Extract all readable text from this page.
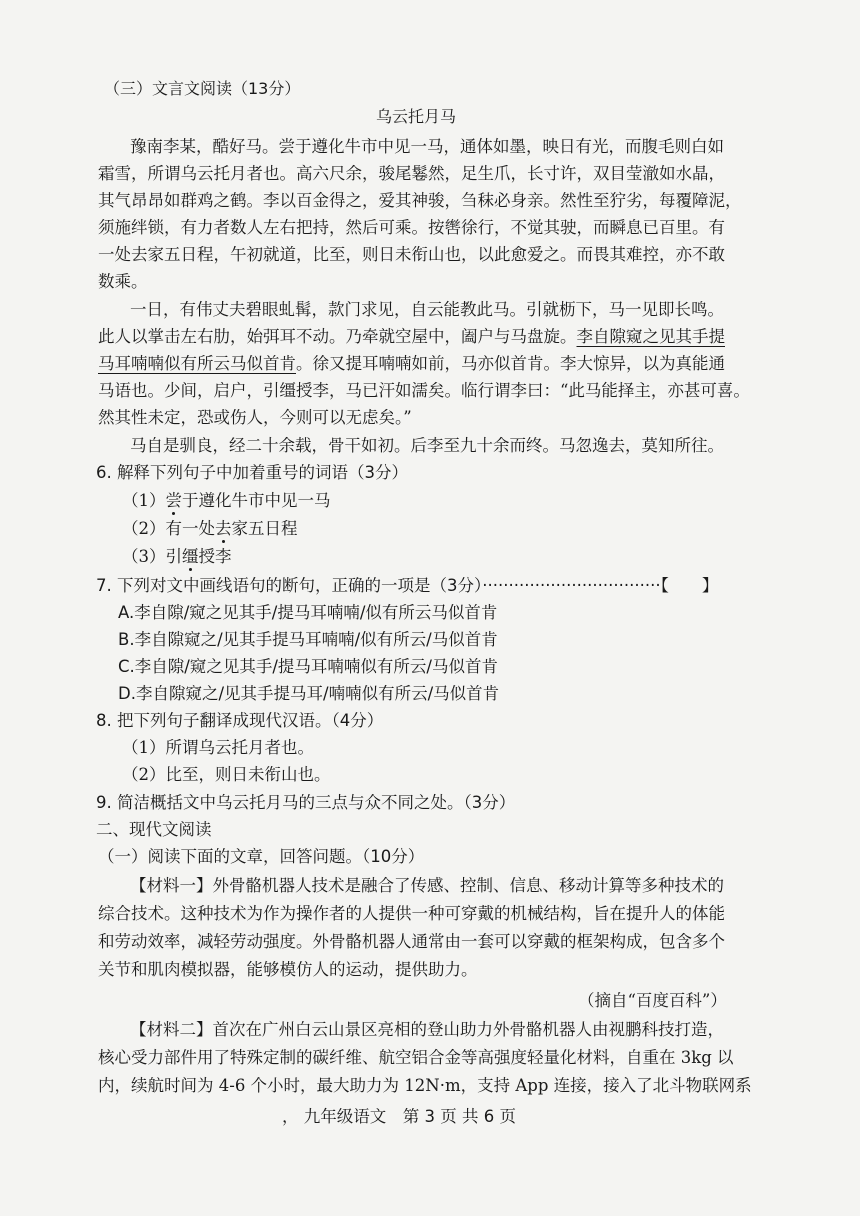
（三）文言文阅读（13分）
乌云托月马
豫南李某，酷好马。尝于遵化牛市中见一马，通体如墨，映日有光，而腹毛则白如
霜雪，所谓乌云托月者也。高六尺余，骏尾鬈然，足生爪，长寸许，双目莹澈如水晶，
其气昂昂如群鸡之鹤。李以百金得之，爱其神骏，刍秣必身亲。然性至狞劣，每覆障泥，
须施绊锁，有力者数人左右把持，然后可乘。按辔徐行，不觉其驶，而瞬息已百里。有
一处去家五日程，午初就道，比至，则日未衔山也，以此愈爱之。而畏其难控，亦不敢
数乘。
一日，有伟丈夫碧眼虬髯，款门求见，自云能教此马。引就枥下，马一见即长鸣。
此人以掌击左右肋，始弭耳不动。乃牵就空屋中，阖户与马盘旋。李自隙窥之见其手提
马耳喃喃似有所云马似首肯。徐又提耳喃喃如前，马亦似首肯。李大惊异，以为真能通
马语也。少间，启户，引缰授李，马已汗如濡矣。临行谓李曰：“此马能择主，亦甚可喜。
然其性未定，恐或伤人，今则可以无虑矣。”
马自是驯良，经二十余载，骨干如初。后李至九十余而终。马忽逸去，莫知所往。
6. 解释下列句子中加着重号的词语（3分）
（1）尝于遵化牛市中见一马
（2）有一处去家五日程
（3）引缰授李
7. 下列对文中画线语句的断句，正确的一项是（3分）··································【　　】
A.李自隙/窥之见其手/提马耳喃喃/似有所云马似首肯
B.李自隙窥之/见其手提马耳喃喃/似有所云/马似首肯
C.李自隙/窥之见其手/提马耳喃喃似有所云/马似首肯
D.李自隙窥之/见其手提马耳/喃喃似有所云/马似首肯
8. 把下列句子翻译成现代汉语。（4分）
（1）所谓乌云托月者也。
（2）比至，则日未衔山也。
9. 简洁概括文中乌云托月马的三点与众不同之处。（3分）
二、现代文阅读
（一）阅读下面的文章，回答问题。（10分）
【材料一】外骨骼机器人技术是融合了传感、控制、信息、移动计算等多种技术的
综合技术。这种技术为作为操作者的人提供一种可穿戴的机械结构，旨在提升人的体能
和劳动效率，减轻劳动强度。外骨骼机器人通常由一套可以穿戴的框架构成，包含多个
关节和肌肉模拟器，能够模仿人的运动，提供助力。
（摘自“百度百科”）
【材料二】首次在广州白云山景区亮相的登山助力外骨骼机器人由视鹏科技打造，
核心受力部件用了特殊定制的碳纤维、航空铝合金等高强度轻量化材料，自重在 3kg 以
内，续航时间为 4-6 个小时，最大助力为 12N·m，支持 App 连接，接入了北斗物联网系
， 九年级语文　第 3 页 共 6 页
